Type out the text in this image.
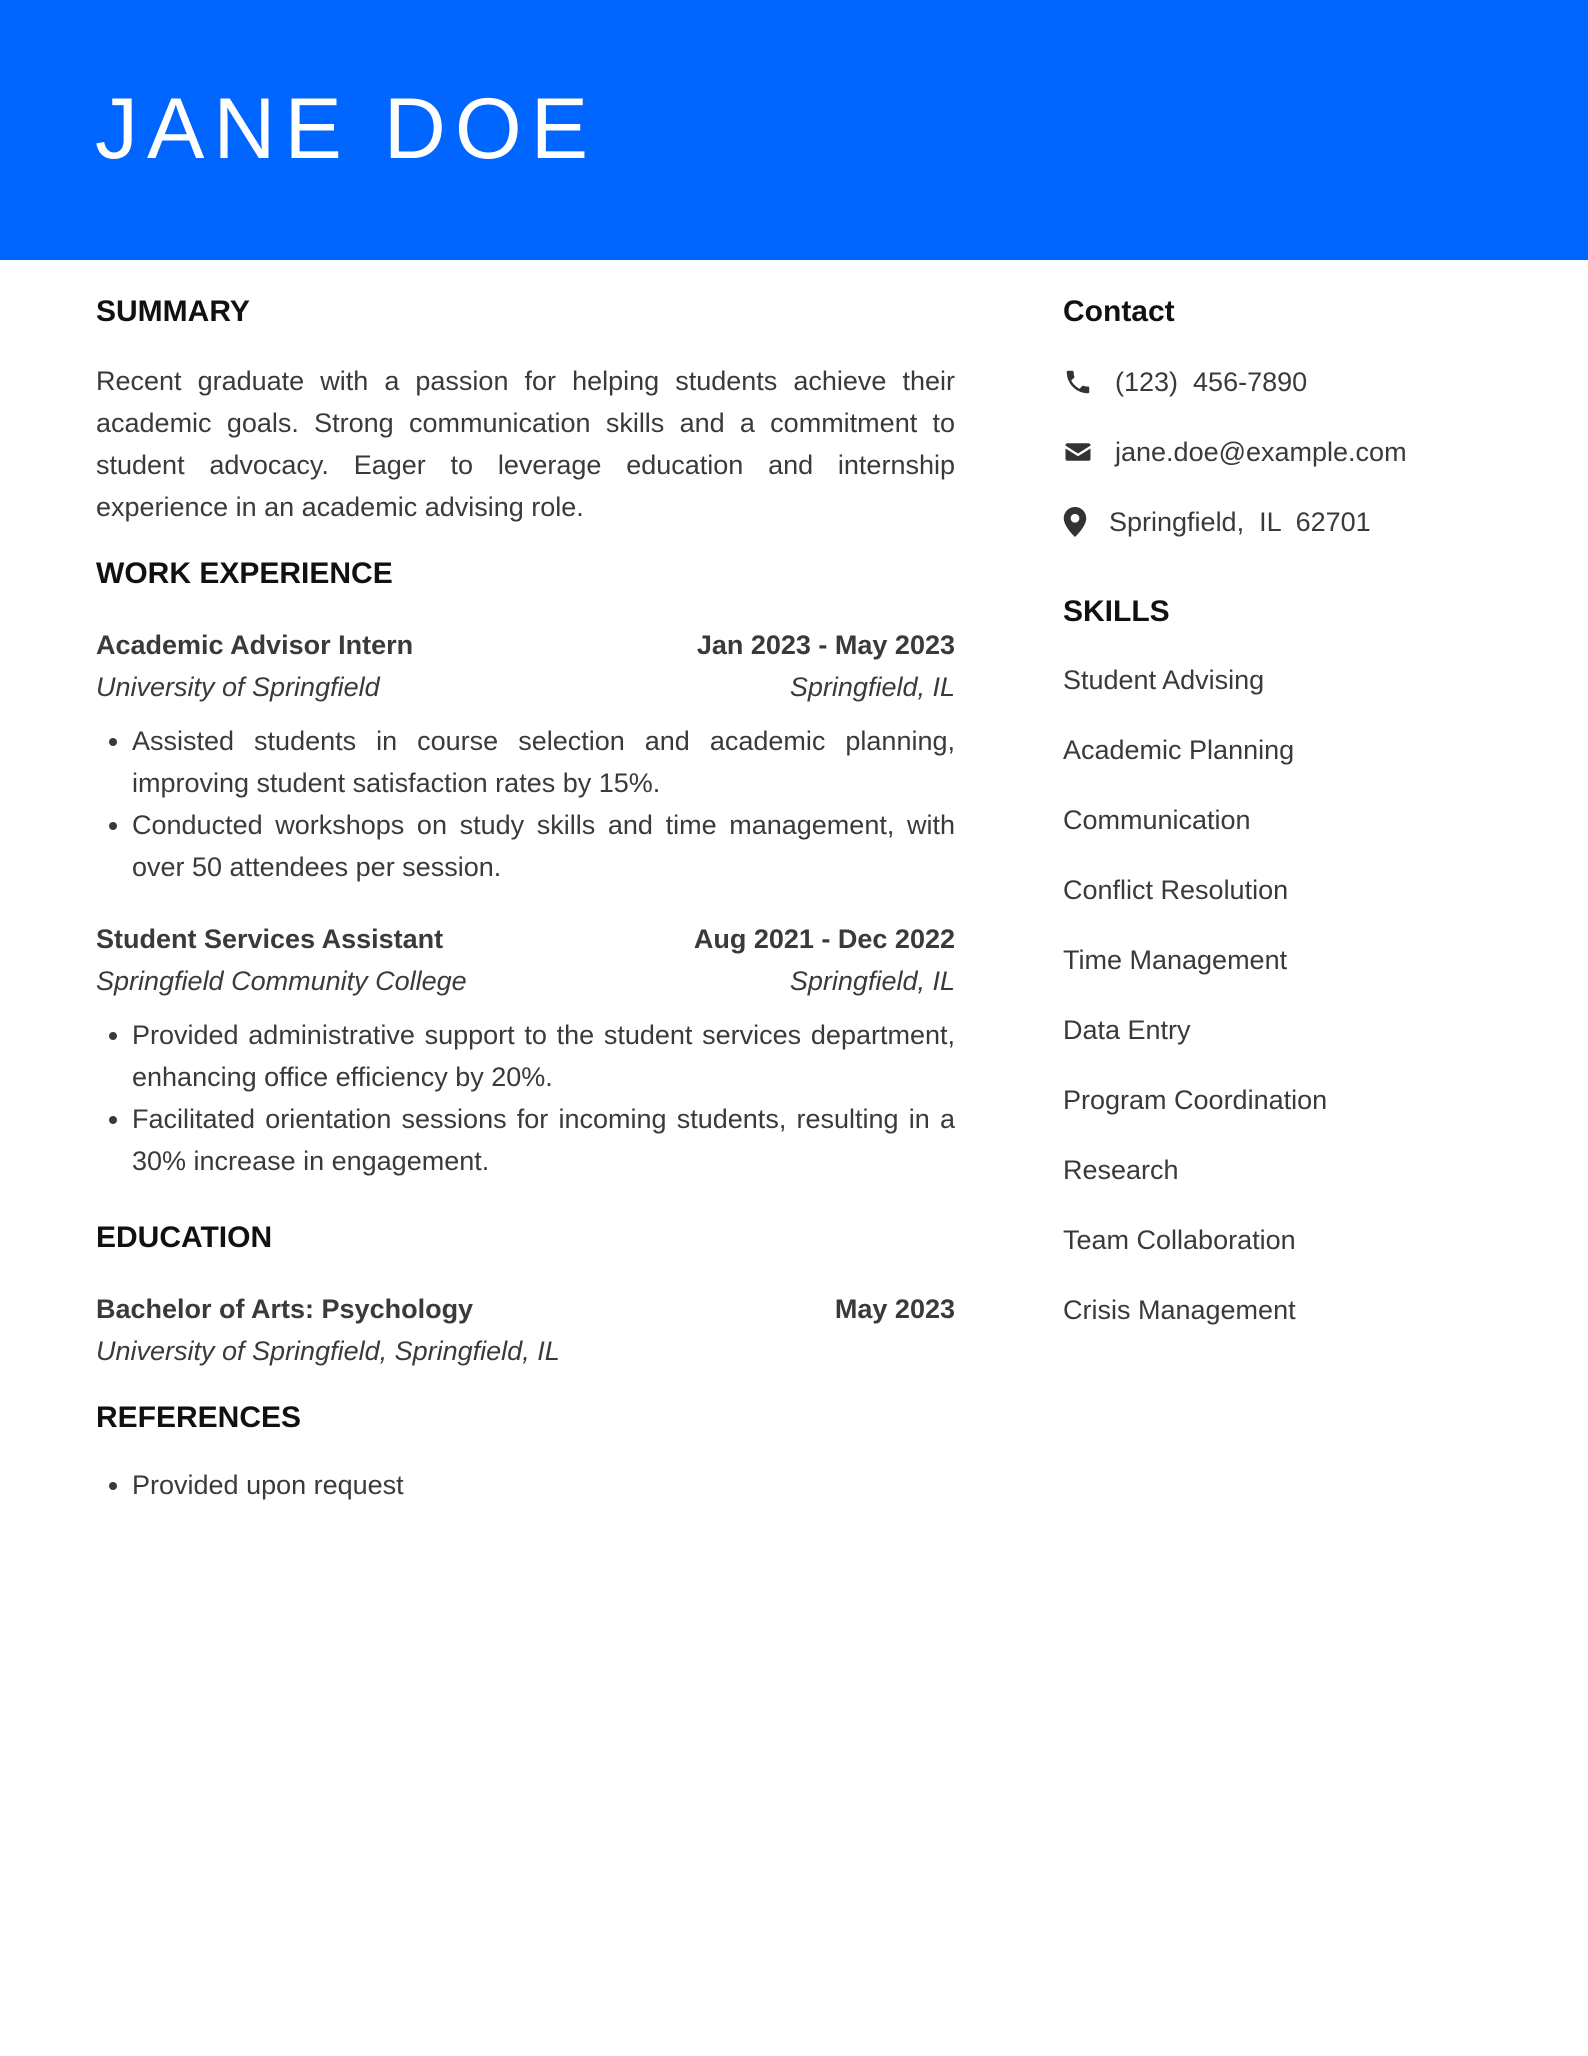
JANE DOE
SUMMARY

Recent graduate with a passion for helping students achieve their academic goals. Strong communication skills and a commitment to student advocacy. Eager to leverage education and internship experience in an academic advising role.

WORK EXPERIENCE
Academic Advisor Intern	Jan 2023 - May 2023
University of Springfield	Springfield, IL
• Assisted students in course selection and academic planning, improving student satisfaction rates by 15%.
• Conducted workshops on study skills and time management, with over 50 attendees per session.
Student Services Assistant	Aug 2021 - Dec 2022
Springfield Community College	Springfield, IL
• Provided administrative support to the student services department, enhancing office efficiency by 20%.
• Facilitated orientation sessions for incoming students, resulting in a 30% increase in engagement.
EDUCATION
Bachelor of Arts: Psychology	May 2023
University of Springfield, Springfield, IL
REFERENCES
• Provided upon request
Contact
(123)  456-7890
jane.doe@example.com
Springfield,  IL  62701
SKILLS
Student Advising
Academic Planning
Communication
Conflict Resolution
Time Management
Data Entry
Program Coordination
Research
Team Collaboration
Crisis Management
